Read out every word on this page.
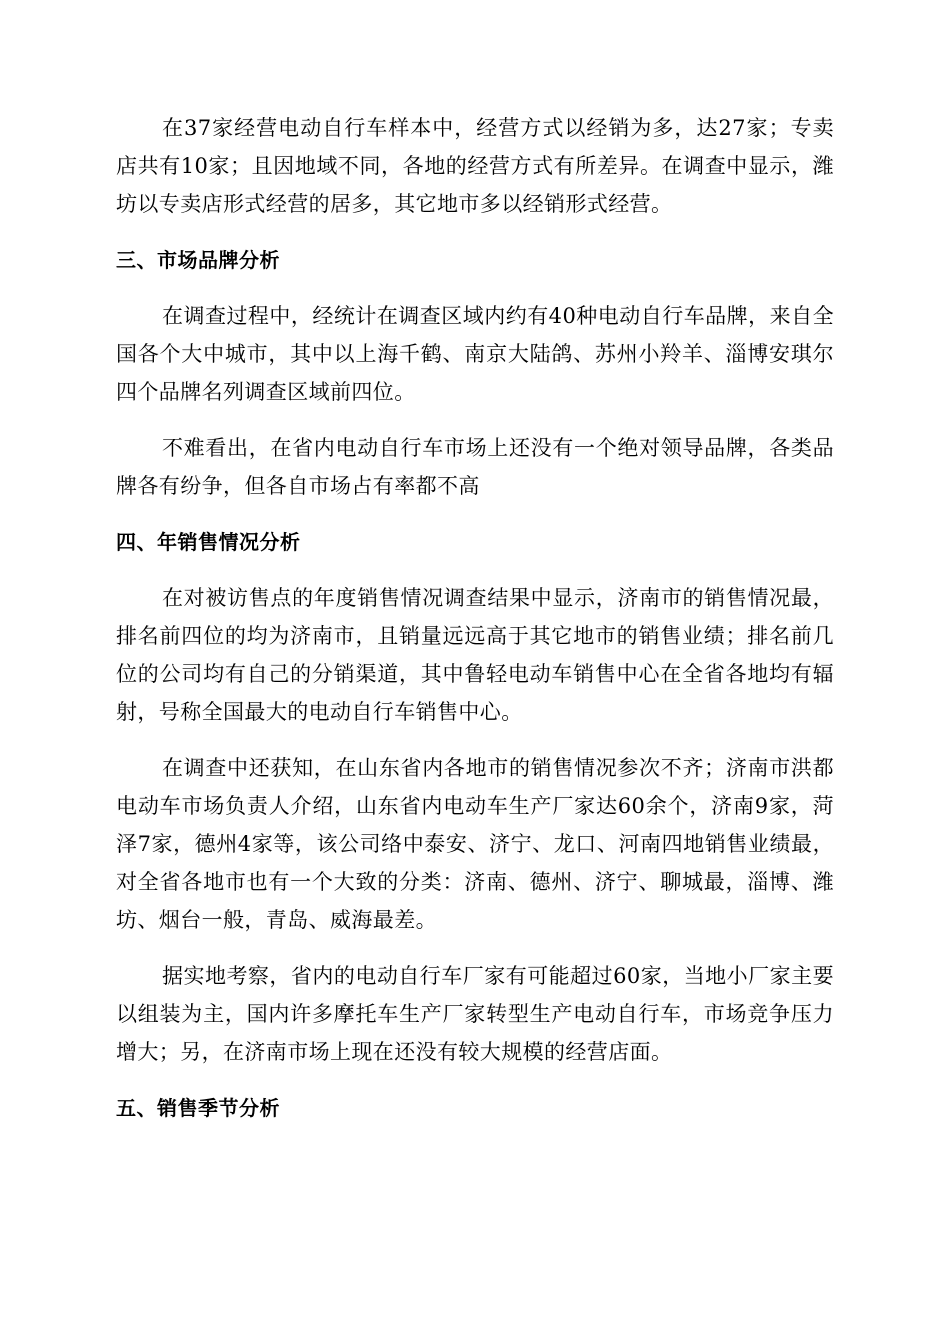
在37家经营电动自行车样本中，经营方式以经销为多，达27家；专卖店共有10家；且因地域不同，各地的经营方式有所差异。在调查中显示，潍坊以专卖店形式经营的居多，其它地市多以经销形式经营。

三、市场品牌分析

在调查过程中，经统计在调查区域内约有40种电动自行车品牌，来自全国各个大中城市，其中以上海千鹤、南京大陆鸽、苏州小羚羊、淄博安琪尔四个品牌名列调查区域前四位。

不难看出，在省内电动自行车市场上还没有一个绝对领导品牌，各类品牌各有纷争，但各自市场占有率都不高

四、年销售情况分析

在对被访售点的年度销售情况调查结果中显示，济南市的销售情况最，排名前四位的均为济南市，且销量远远高于其它地市的销售业绩；排名前几位的公司均有自己的分销渠道，其中鲁轻电动车销售中心在全省各地均有辐射，号称全国最大的电动自行车销售中心。

在调查中还获知，在山东省内各地市的销售情况参次不齐；济南市洪都电动车市场负责人介绍，山东省内电动车生产厂家达60余个，济南9家，菏泽7家，德州4家等，该公司络中泰安、济宁、龙口、河南四地销售业绩最，对全省各地市也有一个大致的分类：济南、德州、济宁、聊城最，淄博、潍坊、烟台一般，青岛、威海最差。

据实地考察，省内的电动自行车厂家有可能超过60家，当地小厂家主要以组装为主，国内许多摩托车生产厂家转型生产电动自行车，市场竞争压力增大；另，在济南市场上现在还没有较大规模的经营店面。

五、销售季节分析
